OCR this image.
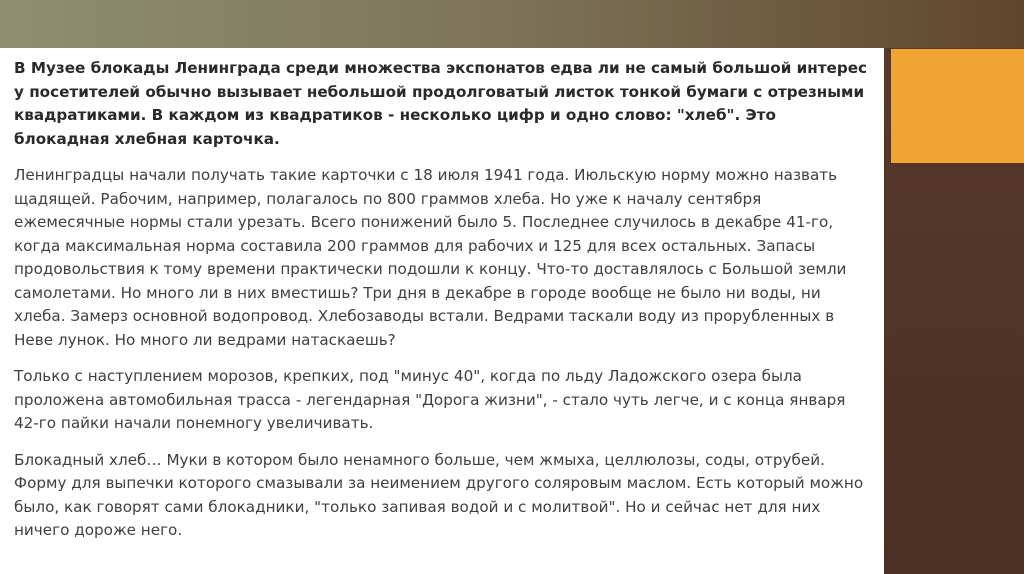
В Музее блокады Ленинграда среди множества экспонатов едва ли не самый большой интерес у посетителей обычно вызывает небольшой продолговатый листок тонкой бумаги с отрезными квадратиками. В каждом из квадратиков - несколько цифр и одно слово: "хлеб". Это блокадная хлебная карточка.

Ленинградцы начали получать такие карточки с 18 июля 1941 года. Июльскую норму можно назвать щадящей. Рабочим, например, полагалось по 800 граммов хлеба. Но уже к началу сентября ежемесячные нормы стали урезать. Всего понижений было 5. Последнее случилось в декабре 41-го, когда максимальная норма составила 200 граммов для рабочих и 125 для всех остальных. Запасы продовольствия к тому времени практически подошли к концу. Что-то доставлялось с Большой земли самолетами. Но много ли в них вместишь? Три дня в декабре в городе вообще не было ни воды, ни хлеба. Замерз основной водопровод. Хлебозаводы встали. Ведрами таскали воду из прорубленных в Неве лунок. Но много ли ведрами натаскаешь?

Только с наступлением морозов, крепких, под "минус 40", когда по льду Ладожского озера была проложена автомобильная трасса - легендарная "Дорога жизни", - стало чуть легче, и с конца января 42-го пайки начали понемногу увеличивать.

Блокадный хлеб… Муки в котором было ненамного больше, чем жмыха, целлюлозы, соды, отрубей. Форму для выпечки которого смазывали за неимением другого соляровым маслом. Есть который можно было, как говорят сами блокадники, "только запивая водой и с молитвой". Но и сейчас нет для них ничего дороже него.
